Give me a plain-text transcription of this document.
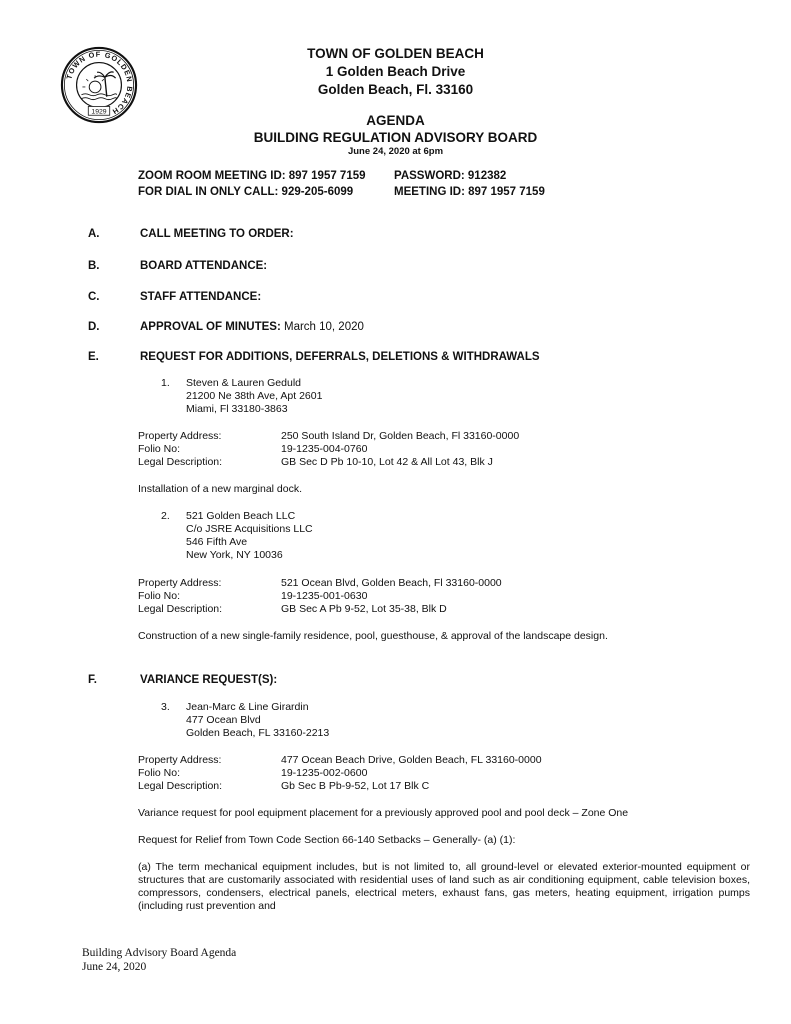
TOWN OF GOLDEN BEACH
1929
TOWN OF GOLDEN BEACH
1 Golden Beach Drive
Golden Beach, Fl. 33160
AGENDA
BUILDING REGULATION ADVISORY BOARD
June 24, 2020 at 6pm
ZOOM ROOM MEETING ID: 897 1957 7159 PASSWORD: 912382
FOR DIAL IN ONLY CALL: 929-205-6099	MEETING ID: 897 1957 7159
A.	CALL MEETING TO ORDER:
B.	BOARD ATTENDANCE:
C.	STAFF ATTENDANCE:
D.	APPROVAL OF MINUTES: March 10, 2020
E.	REQUEST FOR ADDITIONS, DEFERRALS, DELETIONS & WITHDRAWALS
1. Steven & Lauren Geduld
21200 Ne 38th Ave, Apt 2601
Miami, Fl 33180-3863
Property Address:	250 South Island Dr, Golden Beach, Fl 33160-0000
Folio No:	19-1235-004-0760
Legal Description:	GB Sec D Pb 10-10, Lot 42 & All Lot 43, Blk J
Installation of a new marginal dock.
2. 521 Golden Beach LLC
C/o JSRE Acquisitions LLC
546 Fifth Ave
New York, NY 10036
Property Address:	521 Ocean Blvd, Golden Beach, Fl 33160-0000
Folio No:	19-1235-001-0630
Legal Description:	GB Sec A Pb 9-52, Lot 35-38, Blk D
Construction of a new single-family residence, pool, guesthouse, & approval of the landscape design.
F.	VARIANCE REQUEST(S):
3. Jean-Marc & Line Girardin
477 Ocean Blvd
Golden Beach, FL 33160-2213
Property Address:	477 Ocean Beach Drive, Golden Beach, FL 33160-0000
Folio No:	19-1235-002-0600
Legal Description:	Gb Sec B Pb-9-52, Lot 17 Blk C
Variance request for pool equipment placement for a previously approved pool and pool deck – Zone One
Request for Relief from Town Code Section 66-140 Setbacks – Generally- (a) (1):
(a) The term mechanical equipment includes, but is not limited to, all ground-level or elevated exterior-mounted equipment or structures that are customarily associated with residential uses of land such as air conditioning equipment, cable television boxes, compressors, condensers, electrical panels, electrical meters, exhaust fans, gas meters, heating equipment, irrigation pumps (including rust prevention and
Building Advisory Board Agenda
June 24, 2020
